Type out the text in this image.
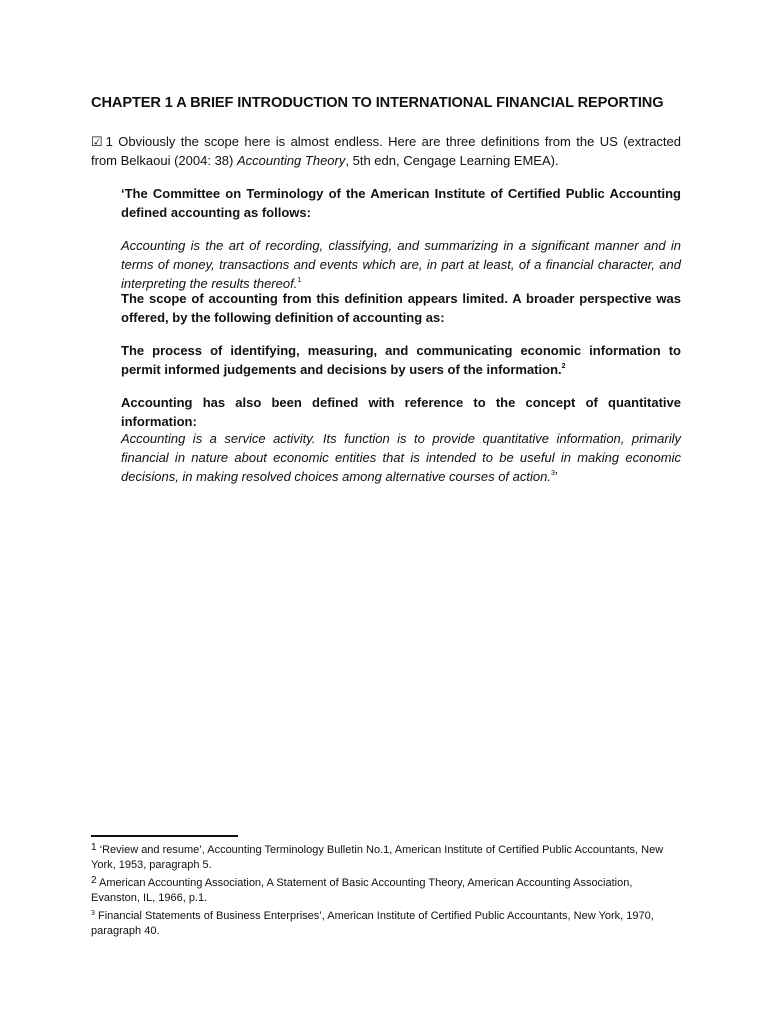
CHAPTER 1 A BRIEF INTRODUCTION TO INTERNATIONAL FINANCIAL REPORTING
☑ 1 Obviously the scope here is almost endless. Here are three definitions from the US (extracted from Belkaoui (2004: 38) Accounting Theory, 5th edn, Cengage Learning EMEA).
‘The Committee on Terminology of the American Institute of Certified Public Accounting defined accounting as follows:
Accounting is the art of recording, classifying, and summarizing in a significant manner and in terms of money, transactions and events which are, in part at least, of a financial character, and interpreting the results thereof.$^1$
The scope of accounting from this definition appears limited. A broader perspective was offered, by the following definition of accounting as:
The process of identifying, measuring, and communicating economic information to permit informed judgements and decisions by users of the information.$^2$
Accounting has also been defined with reference to the concept of quantitative information:
Accounting is a service activity. Its function is to provide quantitative information, primarily financial in nature about economic entities that is intended to be useful in making economic decisions, in making resolved choices among alternative courses of action.$^3$’

1 ‘Review and resume’, Accounting Terminology Bulletin No.1, American Institute of Certified Public Accountants, New York, 1953, paragraph 5.

2 American Accounting Association, A Statement of Basic Accounting Theory, American Accounting Association, Evanston, IL, 1966, p.1.

$^3$ Financial Statements of Business Enterprises’, American Institute of Certified Public Accountants, New York, 1970, paragraph 40.
